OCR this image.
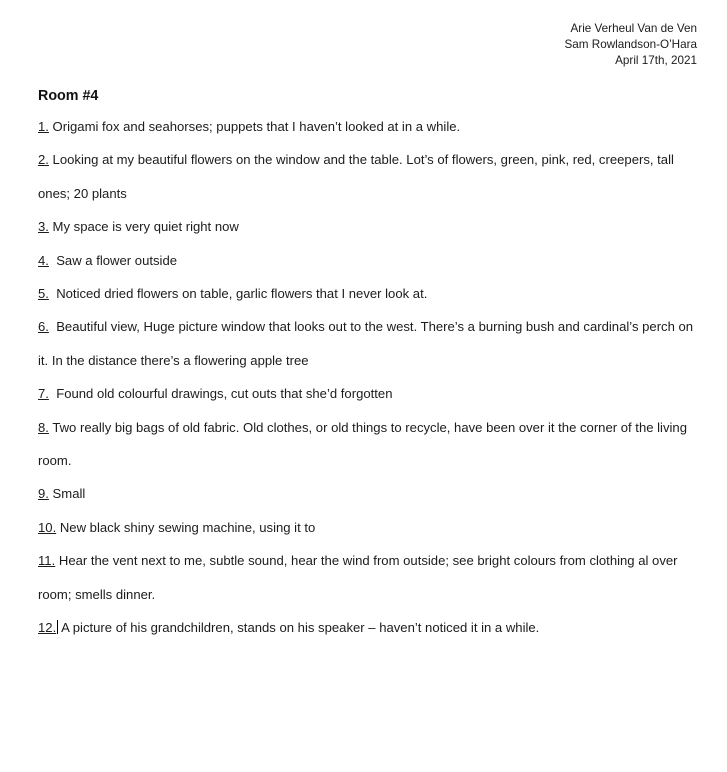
Arie Verheul Van de Ven
Sam Rowlandson-O’Hara
April 17th, 2021
Room #4

1. Origami fox and seahorses; puppets that I haven’t looked at in a while.

2. Looking at my beautiful flowers on the window and the table. Lot’s of flowers, green, pink, red, creepers, tall ones; 20 plants

3. My space is very quiet right now

4.  Saw a flower outside

5.  Noticed dried flowers on table, garlic flowers that I never look at.

6.  Beautiful view, Huge picture window that looks out to the west. There’s a burning bush and cardinal’s perch on it. In the distance there’s a flowering apple tree

7.  Found old colourful drawings, cut outs that she’d forgotten

8. Two really big bags of old fabric. Old clothes, or old things to recycle, have been over it the corner of the living room.

9. Small

10. New black shiny sewing machine, using it to

11. Hear the vent next to me, subtle sound, hear the wind from outside; see bright colours from clothing al over room; smells dinner.

12. A picture of his grandchildren, stands on his speaker – haven’t noticed it in a while.
